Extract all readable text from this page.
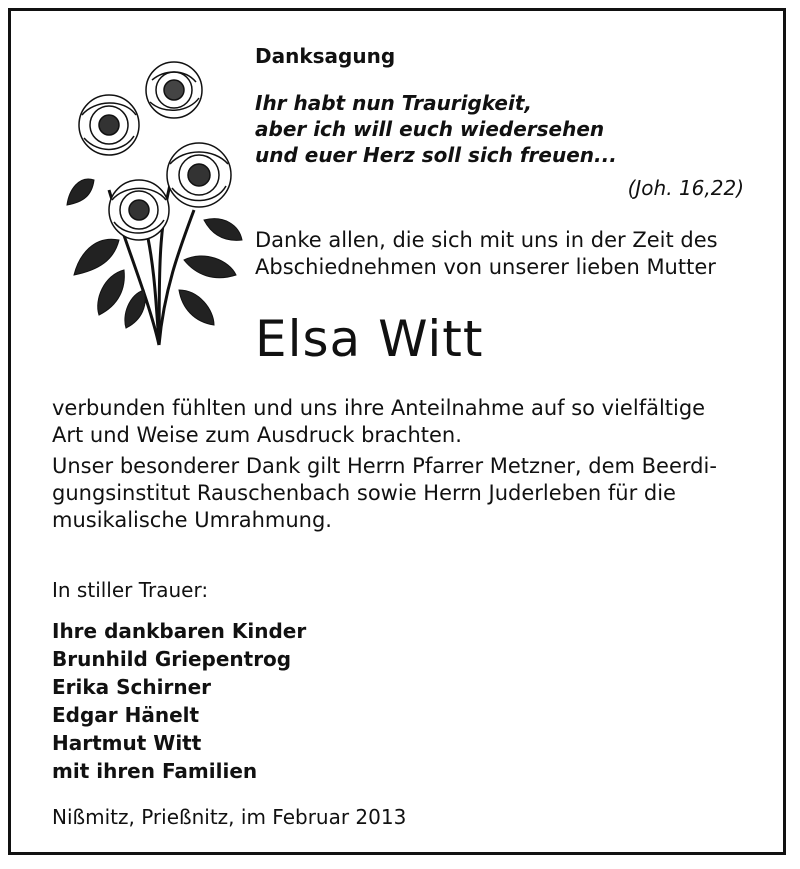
Danksagung
Ihr habt nun Traurigkeit,
aber ich will euch wiedersehen
und euer Herz soll sich freuen...
(Joh. 16,22)
Danke allen, die sich mit uns in der Zeit des
Abschiednehmen von unserer lieben Mutter
Elsa Witt
verbunden fühlten und uns ihre Anteilnahme auf so vielfältige
Art und Weise zum Ausdruck brachten.
Unser besonderer Dank gilt Herrn Pfarrer Metzner, dem Beerdi-
gungsinstitut Rauschenbach sowie Herrn Juderleben für die
musikalische Umrahmung.
In stiller Trauer:
Ihre dankbaren Kinder
Brunhild Griepentrog
Erika Schirner
Edgar Hänelt
Hartmut Witt
mit ihren Familien
Nißmitz, Prießnitz, im Februar 2013
